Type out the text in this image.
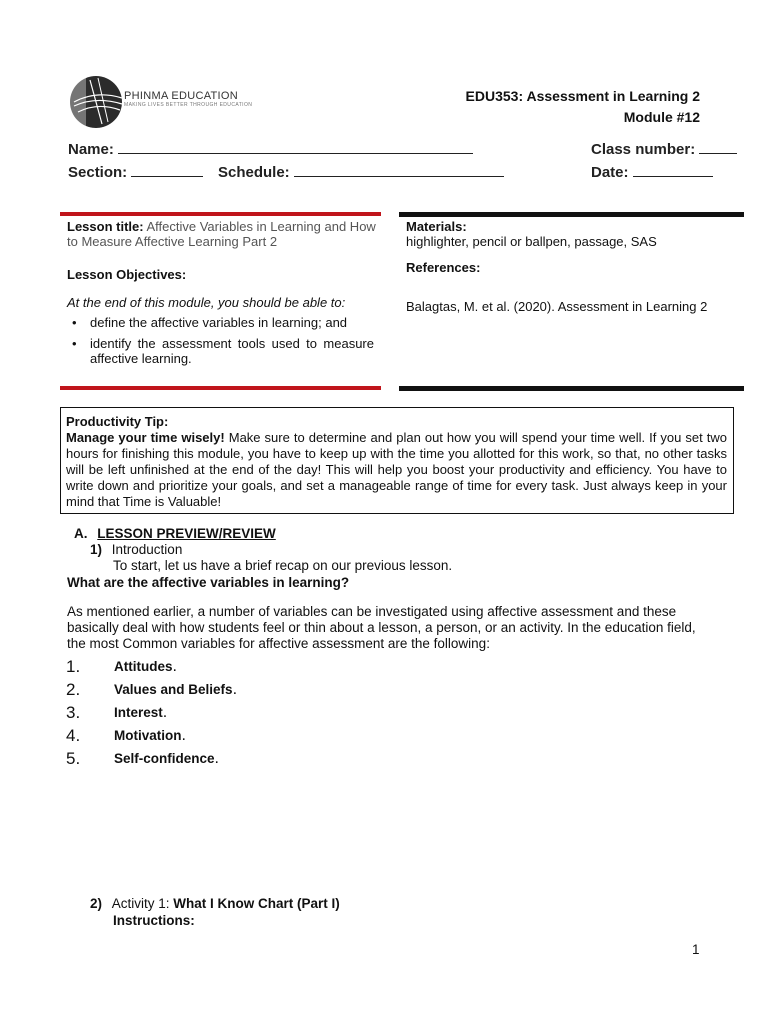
PHINMA EDUCATION
MAKING LIVES BETTER THROUGH EDUCATION
EDU353: Assessment in Learning 2
Module #12
Name:	Class number:
Section:	Schedule:	Date:
Lesson title: Affective Variables in Learning and How to Measure Affective Learning Part 2
Lesson Objectives:
At the end of this module, you should be able to:
• define the affective variables in learning; and
• identify the assessment tools used to measure affective learning.
Materials:
highlighter, pencil or ballpen, passage, SAS
References:
Balagtas, M. et al. (2020). Assessment in Learning 2
Productivity Tip:
Manage your time wisely! Make sure to determine and plan out how you will spend your time well. If you set two hours for finishing this module, you have to keep up with the time you allotted for this work, so that, no other tasks will be left unfinished at the end of the day! This will help you boost your productivity and efficiency. You have to write down and prioritize your goals, and set a manageable range of time for every task. Just always keep in your mind that Time is Valuable!
A. LESSON PREVIEW/REVIEW
1) Introduction
To start, let us have a brief recap on our previous lesson.
What are the affective variables in learning?
As mentioned earlier, a number of variables can be investigated using affective assessment and these basically deal with how students feel or thin about a lesson, a person, or an activity. In the education field, the most Common variables for affective assessment are the following:
1.	Attitudes .
2.	Values and Beliefs .
3.	Interest .
4.	Motivation .
5.	Self-confidence .
2) Activity 1: What I Know Chart (Part I)
Instructions:
1
